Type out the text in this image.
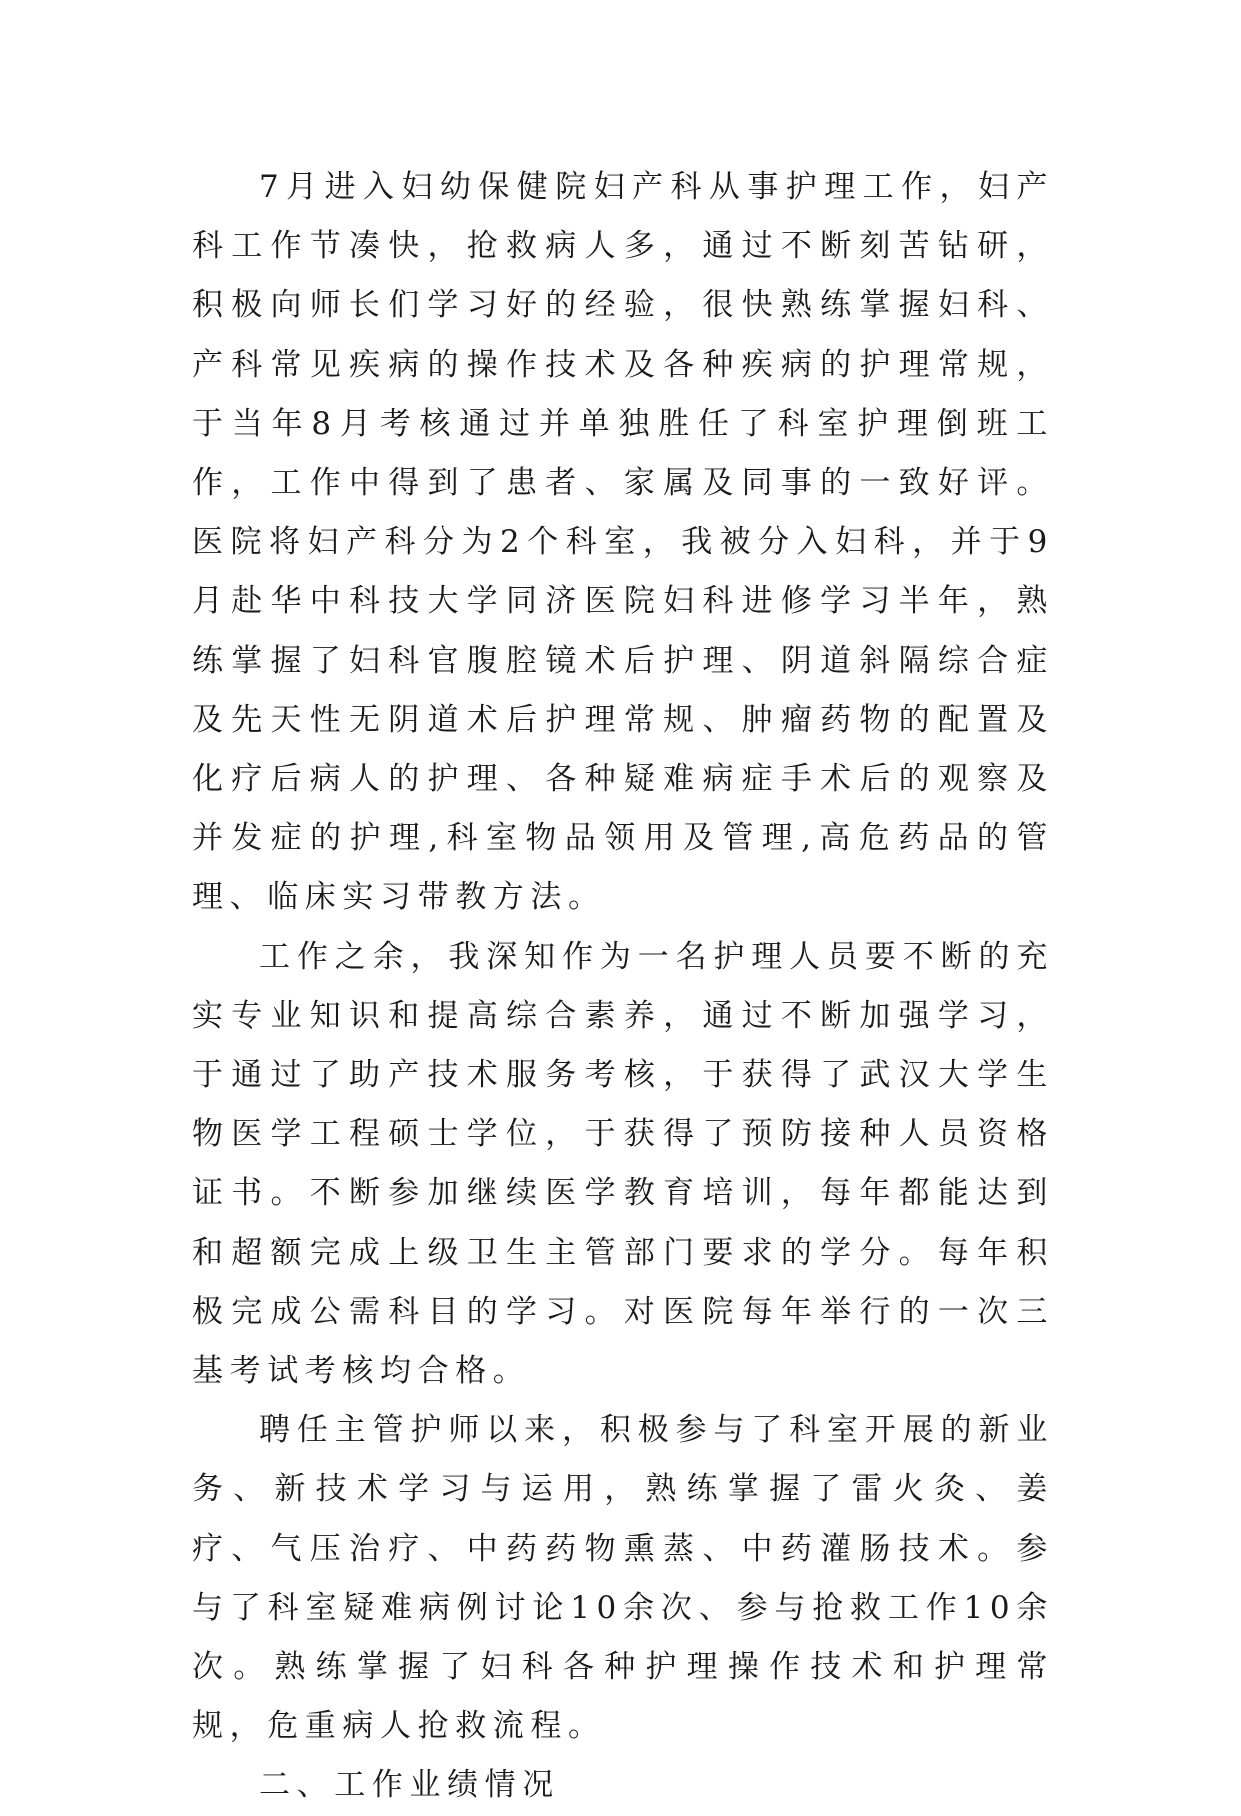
7月进入妇幼保健院妇产科从事护理工作，妇产科工作节凑快，抢救病人多，通过不断刻苦钻研，积极向师长们学习好的经验，很快熟练掌握妇科、产科常见疾病的操作技术及各种疾病的护理常规，于当年8月考核通过并单独胜任了科室护理倒班工作，工作中得到了患者、家属及同事的一致好评。医院将妇产科分为2个科室，我被分入妇科，并于9月赴华中科技大学同济医院妇科进修学习半年，熟练掌握了妇科官腹腔镜术后护理、阴道斜隔综合症及先天性无阴道术后护理常规、肿瘤药物的配置及化疗后病人的护理、各种疑难病症手术后的观察及并发症的护理,科室物品领用及管理,高危药品的管理、临床实习带教方法。

工作之余，我深知作为一名护理人员要不断的充实专业知识和提高综合素养，通过不断加强学习，于通过了助产技术服务考核，于获得了武汉大学生物医学工程硕士学位，于获得了预防接种人员资格证书。不断参加继续医学教育培训，每年都能达到和超额完成上级卫生主管部门要求的学分。每年积极完成公需科目的学习。对医院每年举行的一次三基考试考核均合格。

聘任主管护师以来，积极参与了科室开展的新业务、新技术学习与运用，熟练掌握了雷火灸、姜疗、气压治疗、中药药物熏蒸、中药灌肠技术。参与了科室疑难病例讨论10余次、参与抢救工作10余次。熟练掌握了妇科各种护理操作技术和护理常规，危重病人抢救流程。

二、工作业绩情况
